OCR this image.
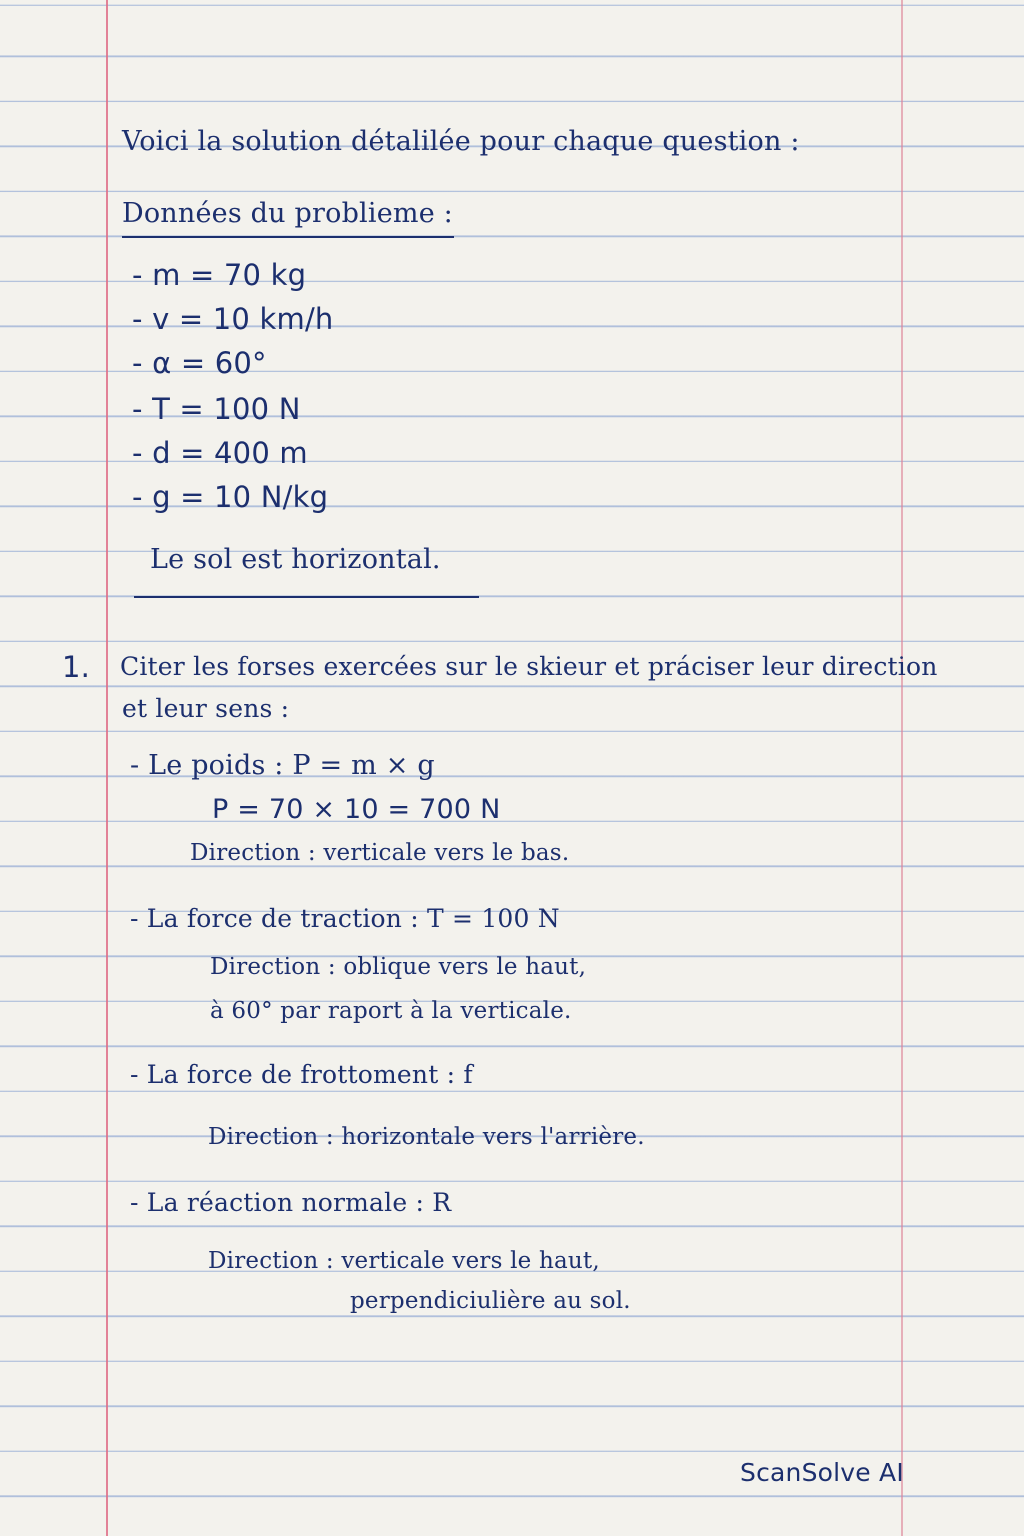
Voici la solution détalilée pour chaque question :
Données du problieme :
- m = 70 kg
- v = 10 km/h
- α = 60°
- T = 100 N
- d = 400 m
- g = 10 N/kg
Le sol est horizontal.
1. Citer les forses exercées sur le skieur et práciser leur direction
et leur sens :
- Le poids : P = m × g
P = 70 × 10 = 700 N
Direction : verticale vers le bas.
- La force de traction : T = 100 N
Direction : oblique vers le haut,
à 60° par raport à la verticale.
- La force de frottoment : f
Direction : horizontale vers l'arrière.
- La réaction normale : R
Direction : verticale vers le haut,
perpendiciulière au sol.
ScanSolve AI
